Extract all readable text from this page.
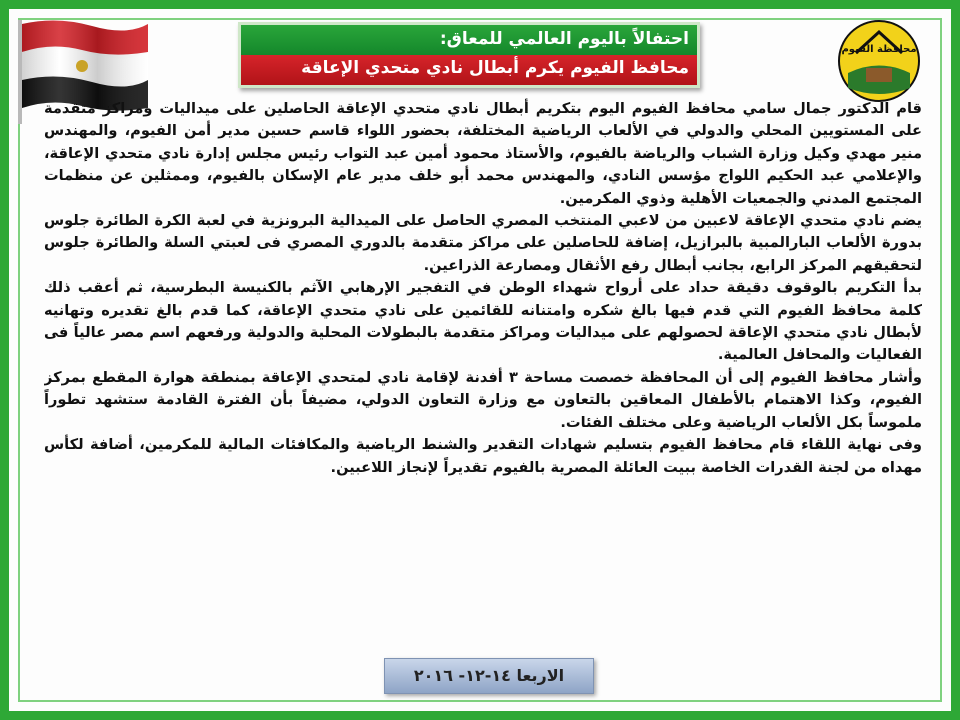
محافظة الفيوم
احتفالاً باليوم العالمي للمعاق:
محافظ الفيوم يكرم أبطال نادي متحدي الإعاقة

قام الدكتور جمال سامي محافظ الفيوم اليوم بتكريم أبطال نادي متحدي الإعاقة الحاصلين على ميداليات ومراكز متقدمة على المستويين المحلي والدولي في الألعاب الرياضية المختلفة، بحضور اللواء قاسم حسين مدير أمن الفيوم، والمهندس منير مهدي وكيل وزارة الشباب والرياضة بالفيوم، والأستاذ محمود أمين عبد التواب رئيس مجلس إدارة نادي متحدي الإعاقة، والإعلامي عبد الحكيم اللواج مؤسس النادي، والمهندس محمد أبو خلف مدير عام الإسكان بالفيوم، وممثلين عن منظمات المجتمع المدني والجمعيات الأهلية وذوي المكرمين.

يضم نادي متحدي الإعاقة لاعبين من لاعبي المنتخب المصري الحاصل على الميدالية البرونزية في لعبة الكرة الطائرة جلوس بدورة الألعاب البارالمبية بالبرازيل، إضافة للحاصلين على مراكز متقدمة بالدوري المصري فى لعبتي السلة والطائرة جلوس لتحقيقهم المركز الرابع، بجانب أبطال رفع الأثقال ومصارعة الذراعين.

بدأ التكريم بالوقوف دقيقة حداد على أرواح شهداء الوطن في التفجير الإرهابي الآثم بالكنيسة البطرسية، ثم أعقب ذلك كلمة محافظ الفيوم التي قدم فيها بالغ شكره وامتنانه للقائمين على نادي متحدي الإعاقة، كما قدم بالغ تقديره وتهانيه لأبطال نادي متحدي الإعاقة لحصولهم على ميداليات ومراكز متقدمة بالبطولات المحلية والدولية ورفعهم اسم مصر عالياً فى الفعاليات والمحافل العالمية.

وأشار محافظ الفيوم إلى أن المحافظة خصصت مساحة ٣ أفدنة لإقامة نادي لمتحدي الإعاقة بمنطقة هوارة المقطع بمركز الفيوم، وكذا الاهتمام بالأطفال المعاقين بالتعاون مع وزارة التعاون الدولي، مضيفاً بأن الفترة القادمة ستشهد تطوراً ملموساً بكل الألعاب الرياضية وعلى مختلف الفئات.

وفى نهاية اللقاء قام محافظ الفيوم بتسليم شهادات التقدير والشنط الرياضية والمكافئات المالية للمكرمين، أضافة لكأس مهداه من لجنة القدرات الخاصة ببيت العائلة المصرية بالفيوم تقديراً لإنجاز اللاعبين.

الاربعا ١٤-١٢- ٢٠١٦
